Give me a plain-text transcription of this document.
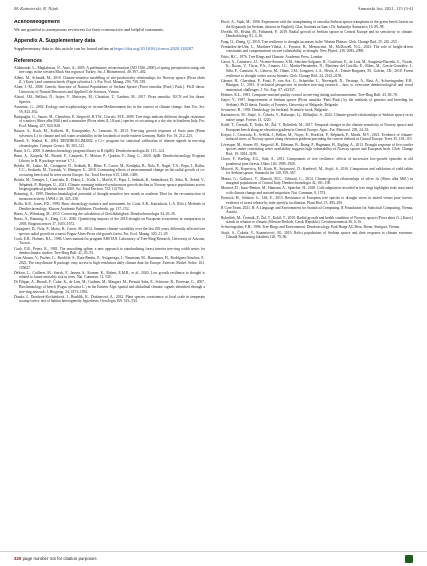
M. Kaźmierski, R. Nijak	Šumarski list, 2021, 115 (3-4)
Acknowledgement

We are grateful to anonymous reviewers for their constructive and helpful comments.

Appendix A. Supplementary data

Supplementary data to this article can be found online at https://doi.org/10.1016/j.foreco.2020.118287.

References

Aldanondo, L., Maglabrous, N., Arno, A., 2005. A preliminary reconstruction (AD 1820–2000) of spring precipitation using oak tree rings in the western Black Sea region of Turkey. Int. J. Biometeorol. 49, 397–402.

Albert, M., Schmidt, M., 2010. Climate-sensitive modelling of site-productivity relationships for Norway spruce (Picea abies (L.) Karst.) and common beech (Fagus sylvatica L.). For. Ecol. Manag. 259, 739–749.

Aloni, J.-M., 2008. Genetic Structure of Natural Populations of Serbian Spruce (Picea omorika (Panč.) Purk.). Ph.D thesis. University of Natural Resources and Applied Life Sciences, Vienna.

Alstad, J.M., Bellizzi, D., Isajev, V., Matvejev, M., Christian, T., Gardner, M., 2017. Picea omorika. IUCN red list threat. Species.

Aussenac, G., 2002. Ecology and ecophysiology of circum-Mediterranean firs in the context of climate change. Ann. For. Sci. 59, 823–832.

Battipaglia, G., Saurer, M., Cherubini, P., Siegwolf, R.T.W., Cotrufo, M.F., 2009. Tree rings indicate different drought resistance of a native (Abies alba Mill.) and a nonnative (Picea abies (L.) Karst.) species co-occurring at a dry site in Southern Italy. For. Ecol. Manag. 257, 820–828.

Bauwe, A., Koch, M., Kallweit, R., Konopatzky, A., Lennartz, B., 2013. Tree-ring growth response of Scots pine (Pinus sylvestris L.) to climate and soil water availability in the lowlands of north-eastern Germany. Baltic For. 19, 212–225.

Biondi, F., Waikul, K., 2004. DENDROCLIM2002: a C++ program for statistical calibration of climate signals in tree-ring chronologies. Comput. Geosci. 30, 303–311.

Bunn, A.G., 2008. A dendrochronology program library in R (dplR). Dendrochronologia 26, 115–124.

Bunn, A., Korpela, M., Biondi, F., Campelo, F., Mérian, P., Qeadan, F., Zang, C., 2020. dplR: Dendrochronology Program Library in R. R package version 1.7.1.

Bošela, M., Lukac, M., Castagneri, D., Sedmák, R., Biber, P., Carrer, M., Konôpka, B., Nola, P., Nagel, T.A., Popa, I., Roibu, C.C., Svoboda, M., Trotsiuk, V., Büntgen, U., 2018. Contrasting effects of environmental change on the radial growth of co-occurring beech and fir trees across Europe. Sci. Total Environ. 615, 1460–1469.

Bošela, M., Tumajer, J., Cienciala, E., Dobor, L., Kulla, L., Marčiš, P., Popa, I., Sedmák, R., Sedmáková, D., Sitko, R., Šebeň, V., Štěpánek, P., Büntgen, U., 2021. Climate warming induced synchronous growth decline in Norway spruce populations across biogeographical gradients since 2000. Sci. Total Environ. 752, 141794.

Bräuning, A., 1999. Dendroclimatological potential of drought-sensitive tree stands in southern Tibet for the reconstruction of monsoon activity. IAWA J. 20, 325–338.

Briffa, K.R., Jones, P.D., 1990. Basic chronology statistics and assessment. In: Cook, E.R., Kairiukstis, L.A. (Eds.), Methods of Dendrochronology. Kluwer Academic Publishers, Dordrecht, pp. 137–152.

Buras, A., Wilmking, M., 2015. Correcting the calculation of Gleichläufigkeit. Dendrochronologia 34, 29–30.

Buras, A., Rammig, A., Zang, C.S., 2020. Quantifying impacts of the 2018 drought on European ecosystems in comparison to 2003. Biogeosciences 17, 1655–1672.

Castagneri, D., Nola, P., Motta, R., Carrer, M., 2014. Summer climate variability over the last 250 years differently affected tree species radial growth in a mesic Fagus-Abies-Picea old-growth forest. For. Ecol. Manag. 320, 21–29.

Cook, E.R., Holmes, R.L., 1986. Users manual for program ARSTAN. Laboratory of Tree-Ring Research, University of Arizona, Tucson.

Cook, E.R., Peters, K., 1981. The smoothing spline: a new approach to standardizing forest interior tree-ring width series for dendroclimatic studies. Tree-Ring Bull. 41, 45–53.

Cruz-Alonso, V., Pucher, C., Ratcliffe, S., Ruiz-Benito, P., Astigarraga, J., Neumann, M., Hasenauer, H., Rodríguez-Sánchez, F., 2023. The easyclimate R package: easy access to high-resolution daily climate data for Europe. Environ. Model. Softw. 161, 105627.

DeSoto, L., Cailleret, M., Sterck, F., Jansen, S., Kramer, K., Robert, E.M.R., et al., 2020. Low growth resilience to drought is related to future mortality risk in trees. Nat. Commun. 11, 545.

Di Filippo, A., Biondi, F., Čufar, K., de Luis, M., Grabner, M., Maugeri, M., Presutti Saba, E., Schirone, B., Piovesan, G., 2007. Bioclimatology of beech (Fagus sylvatica L.) in the Eastern Alps: spatial and altitudinal climatic signals identified through a tree-ring network. J. Biogeogr. 34, 1873–1892.

Douda, J., Doudová-Kochánková, J., Boublík, K., Drašnarová, A., 2012. Plant species coexistence at local scale in temperate swamp forest: test of habitat heterogeneity hypothesis. Oecologia 169, 523–534.

Đorić, A., Šijak, M., 1996. Experiment with the transplanting of omorika Serbian spruce transplants in the green beech forests on the Kopaonik (in Serbian, abstract in English). Glas. Instituta za šum. i Dr. Industriju Šumarstvo 16, 89–98.

Dvořák, M., Hrubá, M., Fabianek, P., 2019. Radial growth of Serbian spruce in Central Europe and its sensitivity to climate. Dendrobiology 81, 4–16.

Fang, O., Zhang, Q., 2019. Tree resilience to drought increases in the Tibetan Plateau. Glob. Change Biol. 25, 245–253.

Fernández-de-Uña, L., Martínez-Vilalta, J., Poyatos, R., Mencuccini, M., McDowell, N.G., 2023. The role of height-driven constraints and compensations on tree vulnerability to drought. New Phytol. 239, 2083–2098.

Fritts, H.C., 1976. Tree Rings and Climate. Academic Press, London.

Gazol, A., Camarero, J.J., Vicente-Serrano, S.M., Sánchez-Salguero, R., Gutiérrez, E., de Luis, M., Sangüesa-Barreda, G., Novak, K., Rozas, V., Tíscar, P.A., Linares, J.C., Martín-Hernández, N., Martínez del Castillo, E., Ribas, M., García-González, I., Silla, F., Camisón, A., Génova, M., Olano, J.M., Longares, L.A., Hevia, A., Tomás-Burguera, M., Galván, J.D., 2018. Forest resilience to drought varies across biomes. Glob. Change Biol. 24, 2143–2158.

Gärtner, H., Cherubini, P., Fonti, P., von Arx, G., Schneider, L., Nievergelt, D., Verstege, A., Bast, A., Schweingruber, F.H., Büntgen, U., 2015. A technical perspective in modern tree-ring research – how to overcome dendroecological and wood anatomical challenges. J. Vis. Exp. 97, e52337.

Holmes, R.L., 1983. Computer-assisted quality control in tree-ring dating and measurement. Tree-Ring Bull. 43, 69–78.

Isajev, V., 1987. Improvement of Serbian spruce (Picea omorika /Panč./Purk.) by the methods of genetics and breeding (in Serbian). Ph.D thesis. Faculty of Forestry, University of Belgrade, Belgrade.

Jovanović, B., 1992. Dendrology (in Serbian). Scientific book, Belgrade.

Kazimirović, M., Stajić, S., Čokeša, V., Rakonjac, Lj., Bilibajkić, S., 2022. Climate-growth relationships of Serbian spruce in its native range. Forests 13, 1220.

Kolář, T., Čermák, P., Trnka, M., Žid, T., Rybníček, M., 2017. Temporal changes in the climate sensitivity of Norway spruce and European beech along an elevation gradient in Central Europe. Agric. For. Meteorol. 239, 24–33.

Krejza, J., Cienciala, E., Světlík, J., Bellan, M., Noyer, E., Horáček, P., Štěpánek, P., Marek, M.V., 2021. Evidence of climate-induced stress of Norway spruce along elevation gradient preceding the current dieback in Central Europe. Trees 35, 103–119.

Lévesque, M., Saurer, M., Siegwolf, R., Eilmann, B., Brang, P., Bugmann, H., Rigling, A., 2013. Drought response of five conifer species under contrasting water availability suggests high vulnerability of Norway spruce and European larch. Glob. Change Biol. 19, 3184–3199.

Lloret, F., Keeling, E.G., Sala, A., 2011. Components of tree resilience: effects of successive low-growth episodes in old ponderosa pine forests. Oikos 120, 1909–1920.

Matović, B., Koprivica, M., Kisin, B., Stojanović, D., Kneževič, M., Stajić, S., 2016. Comparison and validation of yield tables for Serbian spruce. Šumarski list 140, 359–367.

Mazza, G., Gallucci, V., Manetti, M.C., Urbinati, C., 2014. Climate-growth relationships of silver fir (Abies alba Mill.) in marginal populations of Central Italy. Dendrochronologia 32, 181–190.

Montwé, D., Isaac-Renton, M., Hamann, A., Spiecker, H., 2018. Cold adaptation recorded in tree rings highlights risks associated with climate change and assisted migration. Nat. Commun. 9, 1574.

Pretzsch, H., Schütze, G., Uhl, E., 2013. Resistance of European tree species to drought stress in mixed versus pure forests: evidence of stress release by inter-specific facilitation. Plant Biol. 15, 483–495.

R Core Team, 2021. R: A Language and Environment for Statistical Computing. R Foundation for Statistical Computing, Vienna, Austria.

Rybníček, M., Čermák, P., Žid, T., Kolář, T., 2010. Radial growth and health condition of Norway spruce (Picea abies (L.) Karst.) stands in relation to climate (Silesian Beskids, Czech Republic). Geochronometria 36, 9–16.

Schweingruber, F.H., 1996. Tree Rings and Environment. Dendroecology. Paul Haupt AG Bern, Berne, Stuttgart, Vienna.

Stajić, S., Čokeša, V., Kazimirović, M., 2019. Relict populations of Serbian spruce and their response to climate extremes. Glasnik Šumarskog fakulteta 120, 79–96.

320 page number not for citation purposes
